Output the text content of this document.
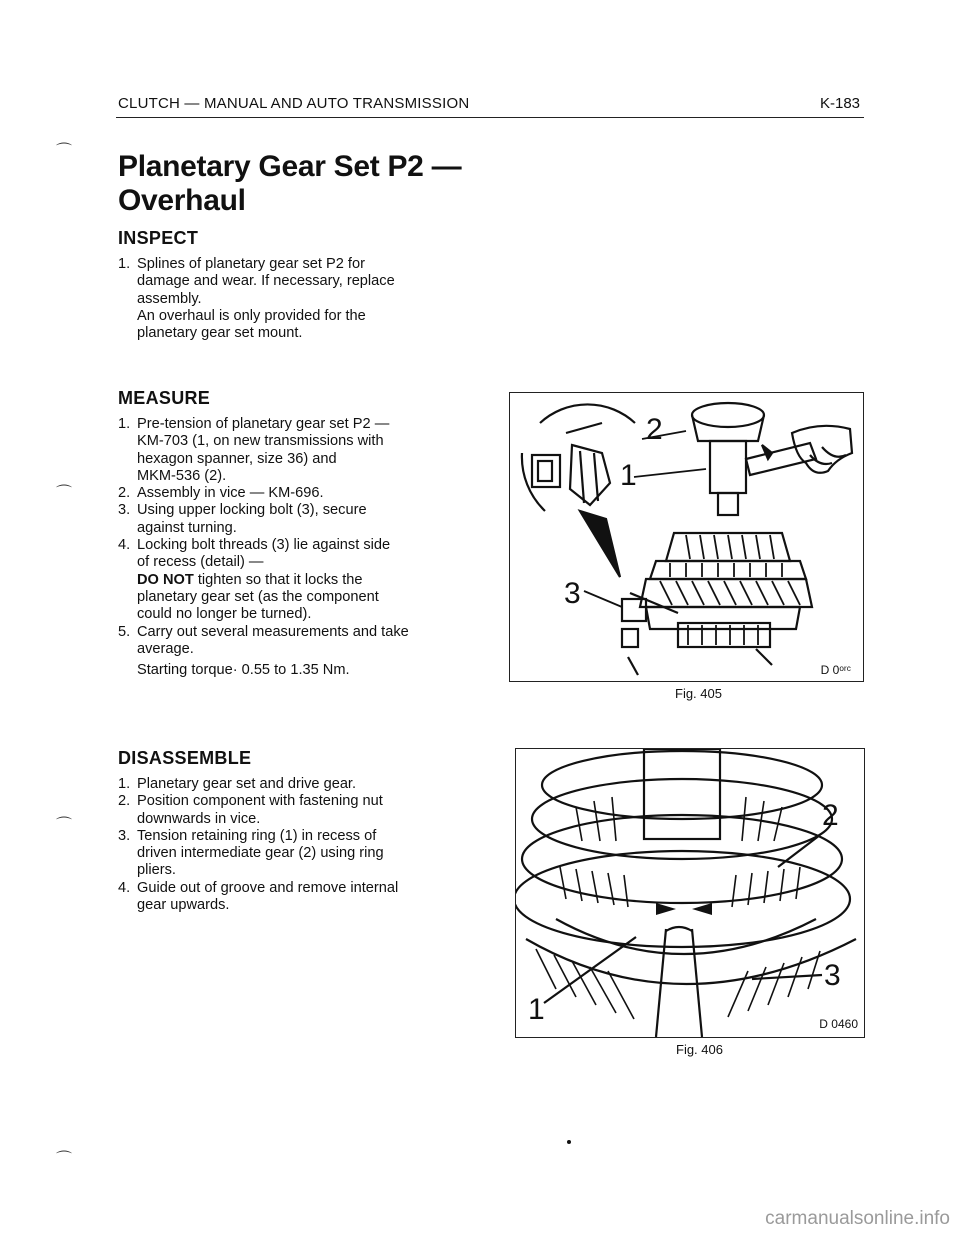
CLUTCH — MANUAL AND AUTO TRANSMISSION	K-183
⌒
⌒
⌒
⌒
Planetary Gear Set P2 —
Overhaul
INSPECT
1. Splines of planetary gear set P2 for
damage and wear. If necessary, replace
assembly.
An overhaul is only provided for the
planetary gear set mount.
MEASURE
1. Pre-tension of planetary gear set P2 —
KM-703 (1, on new transmissions with
hexagon spanner, size 36) and
MKM-536 (2).
2. Assembly in vice — KM-696.
3. Using upper locking bolt (3), secure
against turning.
4. Locking bolt threads (3) lie against side
of recess (detail) —
DO NOT tighten so that it locks the
planetary gear set (as the component
could no longer be turned).
5. Carry out several measurements and take
average.
Starting torque· 0.55 to 1.35 Nm.
DISASSEMBLE
1. Planetary gear set and drive gear.
2. Position component with fastening nut
downwards in vice.
3. Tension retaining ring (1) in recess of
driven intermediate gear (2) using ring
pliers.
4. Guide out of groove and remove internal
gear upwards.
2
1
3
D 0ᵒʳᶜ
Fig. 405
2
3
1	D 0460
Fig. 406
carmanualsonline.info
